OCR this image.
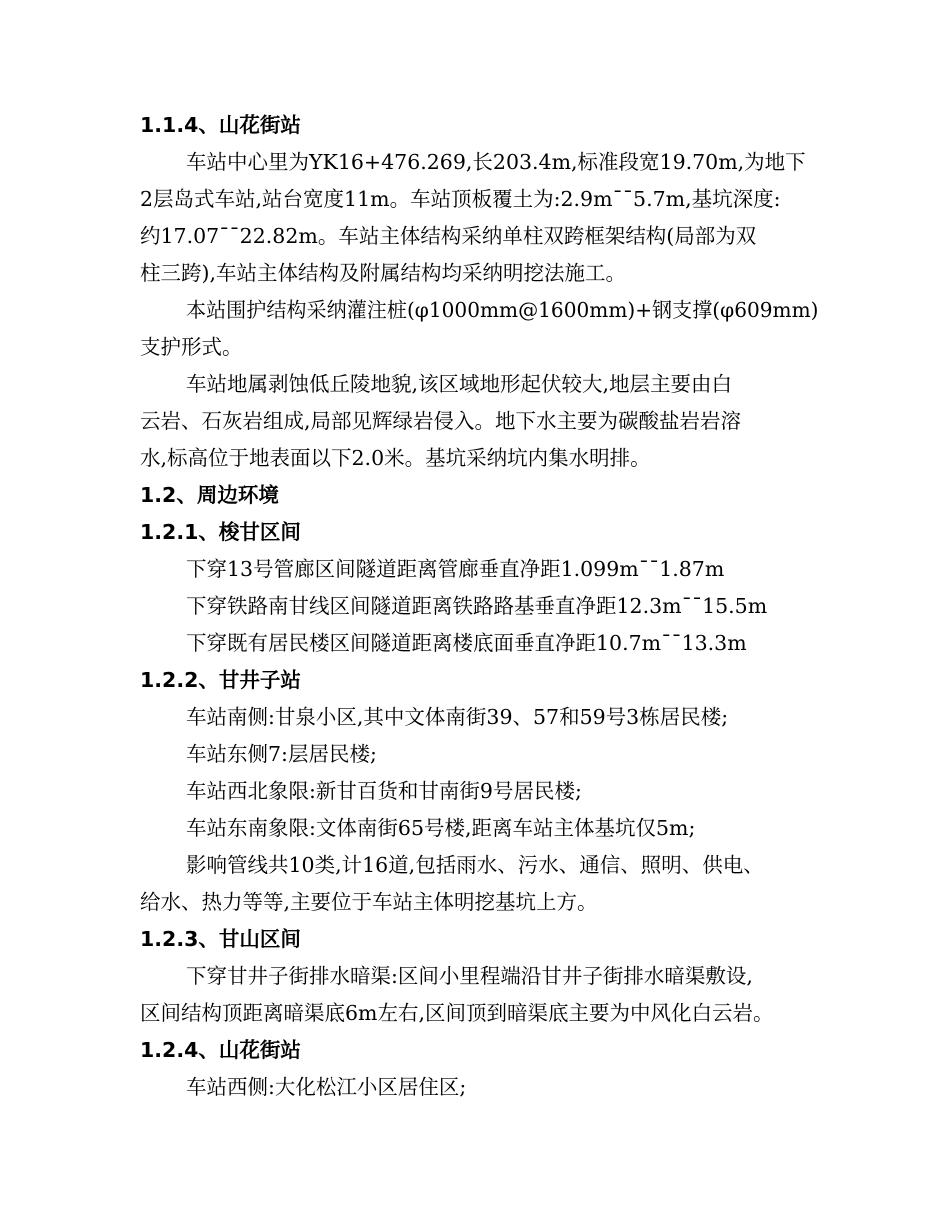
1.1.4、山花街站
车站中心里为YK16+476.269,长203.4m,标准段宽19.70m,为地下
2层岛式车站,站台宽度11m。车站顶板覆土为:2.9m¯¯5.7m,基坑深度:
约17.07¯¯22.82m。车站主体结构采纳单柱双跨框架结构(局部为双
柱三跨),车站主体结构及附属结构均采纳明挖法施工。
本站围护结构采纳灌注桩(φ1000mm@1600mm)+钢支撑(φ609mm)
支护形式。
车站地属剥蚀低丘陵地貌,该区域地形起伏较大,地层主要由白
云岩、石灰岩组成,局部见辉绿岩侵入。地下水主要为碳酸盐岩岩溶
水,标高位于地表面以下2.0米。基坑采纳坑内集水明排。
1.2、周边环境
1.2.1、梭甘区间
下穿13号管廊区间隧道距离管廊垂直净距1.099m¯¯1.87m
下穿铁路南甘线区间隧道距离铁路路基垂直净距12.3m¯¯15.5m
下穿既有居民楼区间隧道距离楼底面垂直净距10.7m¯¯13.3m
1.2.2、甘井子站
车站南侧:甘泉小区,其中文体南街39、57和59号3栋居民楼;
车站东侧7:层居民楼;
车站西北象限:新甘百货和甘南街9号居民楼;
车站东南象限:文体南街65号楼,距离车站主体基坑仅5m;
影响管线共10类,计16道,包括雨水、污水、通信、照明、供电、
给水、热力等等,主要位于车站主体明挖基坑上方。
1.2.3、甘山区间
下穿甘井子街排水暗渠:区间小里程端沿甘井子街排水暗渠敷设,
区间结构顶距离暗渠底6m左右,区间顶到暗渠底主要为中风化白云岩。
1.2.4、山花街站
车站西侧:大化松江小区居住区;
